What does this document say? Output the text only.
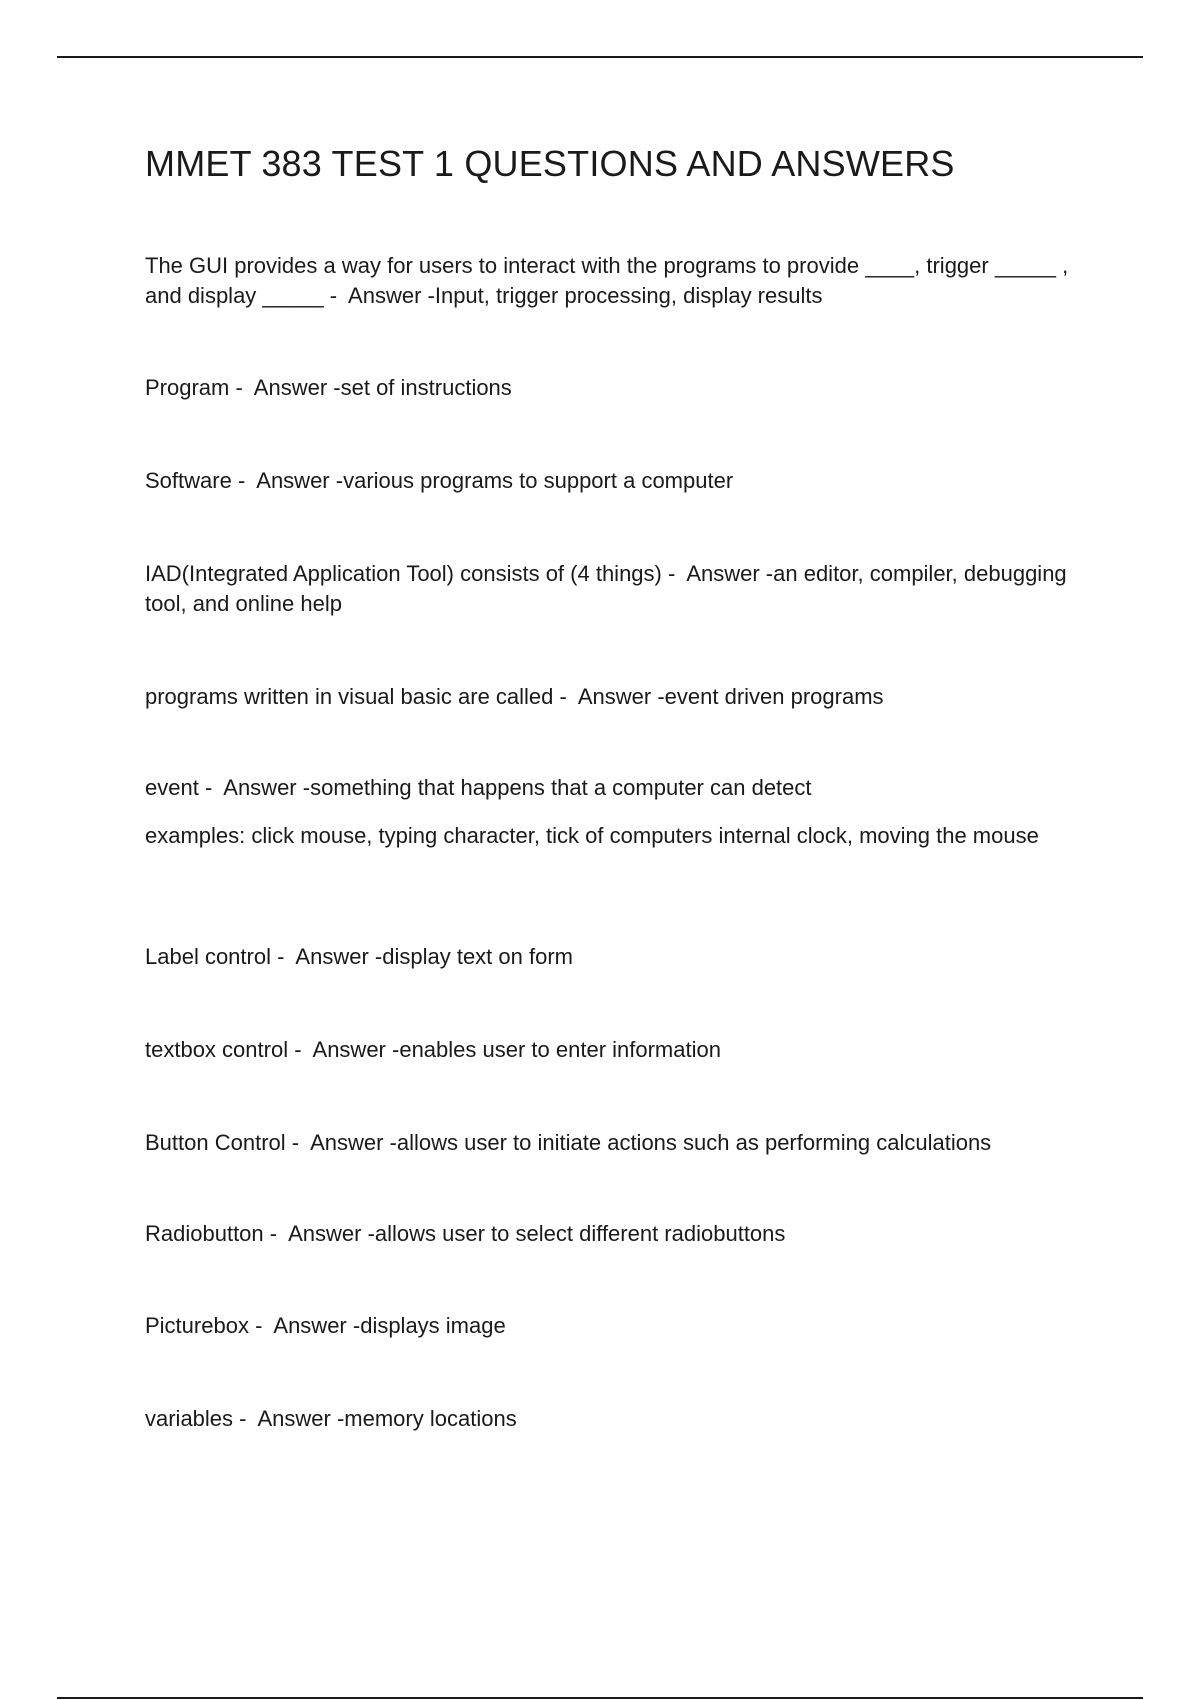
MMET 383 TEST 1 QUESTIONS AND ANSWERS

The GUI provides a way for users to interact with the programs to provide ____, trigger _____ , and display _____ -  Answer -Input, trigger processing, display results

Program -  Answer -set of instructions

Software -  Answer -various programs to support a computer

IAD(Integrated Application Tool) consists of (4 things) -  Answer -an editor, compiler, debugging tool, and online help

programs written in visual basic are called -  Answer -event driven programs

event -  Answer -something that happens that a computer can detect

examples: click mouse, typing character, tick of computers internal clock, moving the mouse

Label control -  Answer -display text on form

textbox control -  Answer -enables user to enter information

Button Control -  Answer -allows user to initiate actions such as performing calculations

Radiobutton -  Answer -allows user to select different radiobuttons

Picturebox -  Answer -displays image

variables -  Answer -memory locations
